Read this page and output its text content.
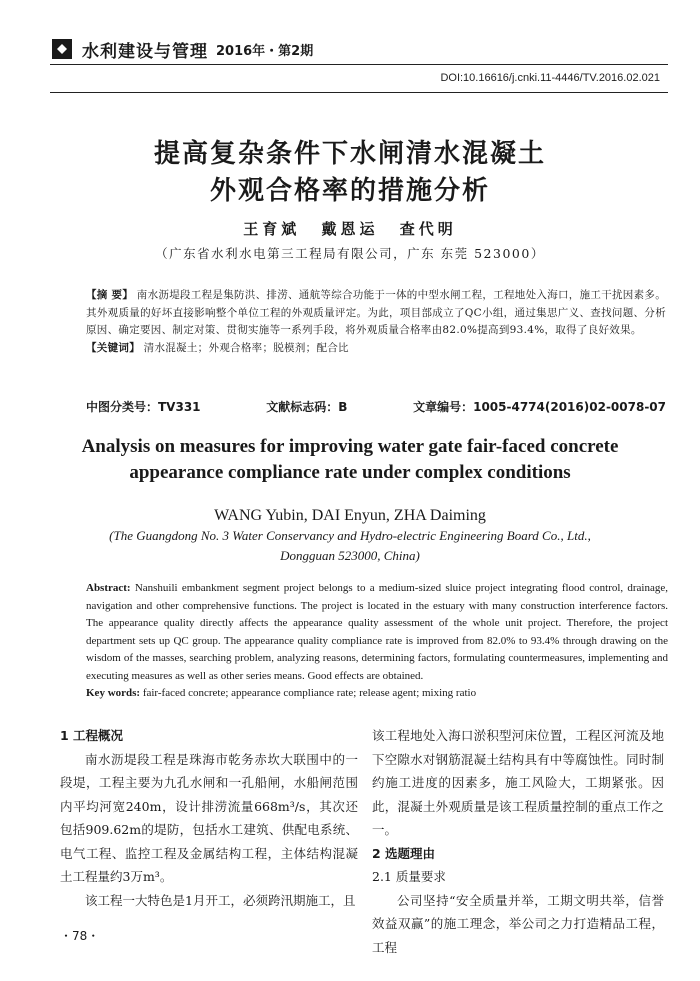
水利建设与管理 2016年・第2期
DOI:10.16616/j.cnki.11-4446/TV.2016.02.021
提高复杂条件下水闸清水混凝土
外观合格率的措施分析
王育斌 戴恩运 查代明
（广东省水利水电第三工程局有限公司，广东 东莞 523000）
【摘 要】 南水沥堤段工程是集防洪、排涝、通航等综合功能于一体的中型水闸工程，工程地处入海口，施工干扰因素多。其外观质量的好坏直接影响整个单位工程的外观质量评定。为此，项目部成立了QC小组，通过集思广义、查找问题、分析原因、确定要因、制定对策、贯彻实施等一系列手段，将外观质量合格率由82.0%提高到93.4%，取得了良好效果。
【关键词】 清水混凝土；外观合格率；脱模剂；配合比
中图分类号：TV331	文献标志码：B	文章编号：1005-4774(2016)02-0078-07
Analysis on measures for improving water gate fair-faced concrete
appearance compliance rate under complex conditions
WANG Yubin, DAI Enyun, ZHA Daiming
(The Guangdong No. 3 Water Conservancy and Hydro-electric Engineering Board Co., Ltd.,
Dongguan 523000, China)
Abstract: Nanshuili embankment segment project belongs to a medium-sized sluice project integrating flood control, drainage, navigation and other comprehensive functions. The project is located in the estuary with many construction interference factors. The appearance quality directly affects the appearance quality assessment of the whole unit project. Therefore, the project department sets up QC group. The appearance quality compliance rate is improved from 82.0% to 93.4% through drawing on the wisdom of the masses, searching problem, analyzing reasons, determining factors, formulating countermeasures, implementing and executing measures as well as other series means. Good effects are obtained.
Key words: fair-faced concrete; appearance compliance rate; release agent; mixing ratio

1 工程概况

南水沥堤段工程是珠海市乾务赤坎大联围中的一段堤，工程主要为九孔水闸和一孔船闸，水船闸范围内平均河宽240m，设计排涝流量668m³/s，其次还包括909.62m的堤防，包括水工建筑、供配电系统、电气工程、监控工程及金属结构工程，主体结构混凝土工程量约3万m³。

该工程一大特色是1月开工，必须跨汛期施工，且

该工程地处入海口淤积型河床位置，工程区河流及地下空隙水对钢筋混凝土结构具有中等腐蚀性。同时制约施工进度的因素多，施工风险大，工期紧张。因此，混凝土外观质量是该工程质量控制的重点工作之一。

2 选题理由

2.1 质量要求

公司坚持“安全质量并举，工期文明共举，信誉效益双赢”的施工理念，举公司之力打造精品工程，工程

・78・
